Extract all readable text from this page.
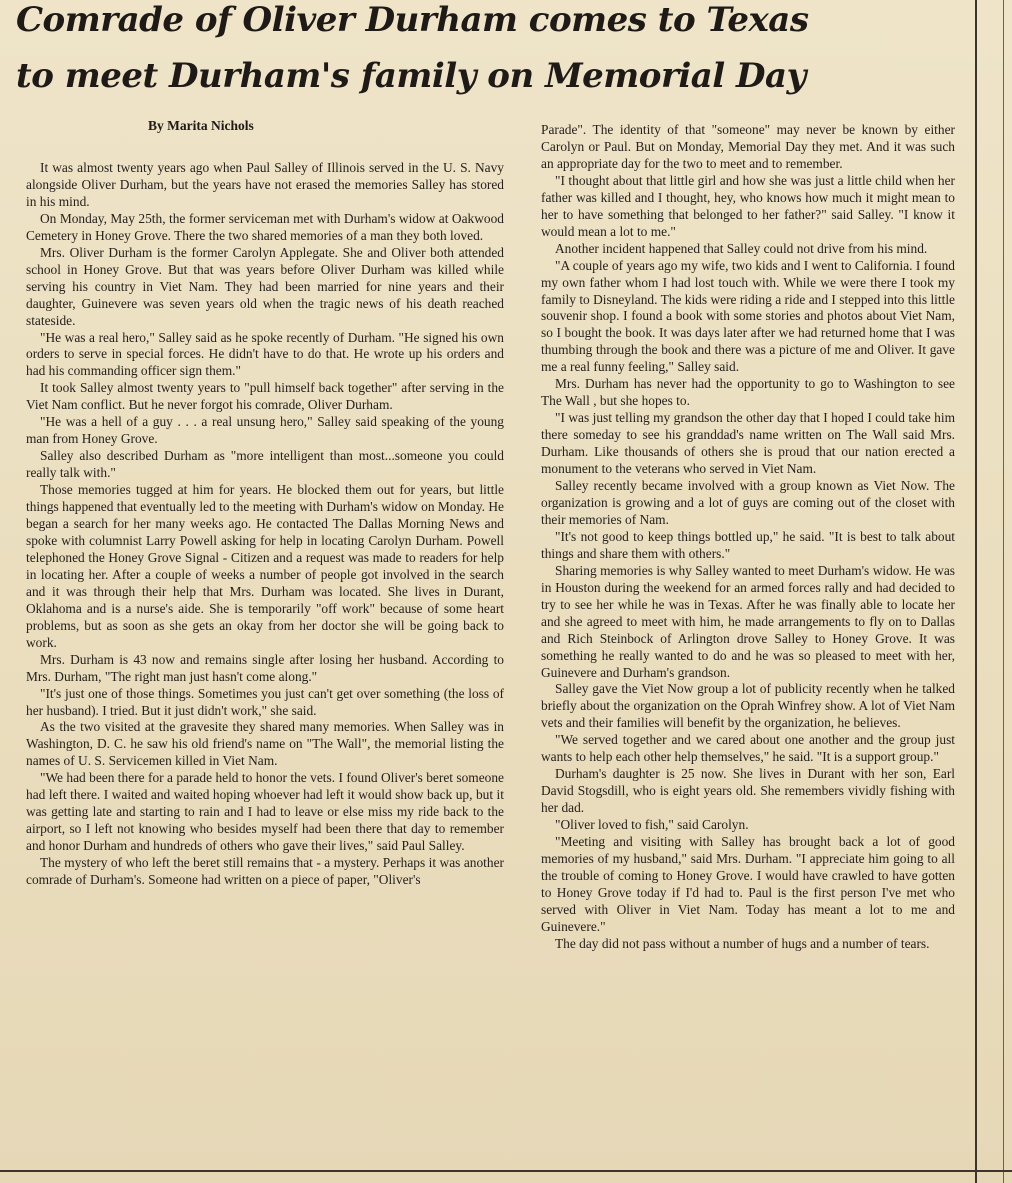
Comrade of Oliver Durham comes to Texas
to meet Durham's family on Memorial Day
By Marita Nichols

It was almost twenty years ago when Paul Salley of Illinois served in the U. S. Navy alongside Oliver Durham, but the years have not erased the memories Salley has stored in his mind.

On Monday, May 25th, the former serviceman met with Durham's widow at Oakwood Cemetery in Honey Grove. There the two shared memories of a man they both loved.

Mrs. Oliver Durham is the former Carolyn Applegate. She and Oliver both attended school in Honey Grove. But that was years before Oliver Durham was killed while serving his country in Viet Nam. They had been married for nine years and their daughter, Guinevere was seven years old when the tragic news of his death reached stateside.

"He was a real hero," Salley said as he spoke recently of Durham. "He signed his own orders to serve in special forces. He didn't have to do that. He wrote up his orders and had his commanding officer sign them."

It took Salley almost twenty years to "pull himself back together" after serving in the Viet Nam conflict. But he never forgot his comrade, Oliver Durham.

"He was a hell of a guy . . . a real unsung hero," Salley said speaking of the young man from Honey Grove.

Salley also described Durham as "more intelligent than most...someone you could really talk with."

Those memories tugged at him for years. He blocked them out for years, but little things happened that eventually led to the meeting with Durham's widow on Monday. He began a search for her many weeks ago. He contacted The Dallas Morning News and spoke with columnist Larry Powell asking for help in locating Carolyn Durham. Powell telephoned the Honey Grove Signal - Citizen and a request was made to readers for help in locating her. After a couple of weeks a number of people got involved in the search and it was through their help that Mrs. Durham was located. She lives in Durant, Oklahoma and is a nurse's aide. She is temporarily "off work" because of some heart problems, but as soon as she gets an okay from her doctor she will be going back to work.

Mrs. Durham is 43 now and remains single after losing her husband. According to Mrs. Durham, "The right man just hasn't come along."

"It's just one of those things. Sometimes you just can't get over something (the loss of her husband). I tried. But it just didn't work," she said.

As the two visited at the gravesite they shared many memories. When Salley was in Washington, D. C. he saw his old friend's name on "The Wall", the memorial listing the names of U. S. Servicemen killed in Viet Nam.

"We had been there for a parade held to honor the vets. I found Oliver's beret someone had left there. I waited and waited hoping whoever had left it would show back up, but it was getting late and starting to rain and I had to leave or else miss my ride back to the airport, so I left not knowing who besides myself had been there that day to remember and honor Durham and hundreds of others who gave their lives," said Paul Salley.

The mystery of who left the beret still remains that - a mystery. Perhaps it was another comrade of Durham's. Someone had written on a piece of paper, "Oliver's

Parade". The identity of that "someone" may never be known by either Carolyn or Paul. But on Monday, Memorial Day they met. And it was such an appropriate day for the two to meet and to remember.

"I thought about that little girl and how she was just a little child when her father was killed and I thought, hey, who knows how much it might mean to her to have something that belonged to her father?" said Salley. "I know it would mean a lot to me."

Another incident happened that Salley could not drive from his mind.

"A couple of years ago my wife, two kids and I went to California. I found my own father whom I had lost touch with. While we were there I took my family to Disneyland. The kids were riding a ride and I stepped into this little souvenir shop. I found a book with some stories and photos about Viet Nam, so I bought the book. It was days later after we had returned home that I was thumbing through the book and there was a picture of me and Oliver. It gave me a real funny feeling," Salley said.

Mrs. Durham has never had the opportunity to go to Washington to see The Wall , but she hopes to.

"I was just telling my grandson the other day that I hoped I could take him there someday to see his granddad's name written on The Wall said Mrs. Durham. Like thousands of others she is proud that our nation erected a monument to the veterans who served in Viet Nam.

Salley recently became involved with a group known as Viet Now. The organization is growing and a lot of guys are coming out of the closet with their memories of Nam.

"It's not good to keep things bottled up," he said. "It is best to talk about things and share them with others."

Sharing memories is why Salley wanted to meet Durham's widow. He was in Houston during the weekend for an armed forces rally and had decided to try to see her while he was in Texas. After he was finally able to locate her and she agreed to meet with him, he made arrangements to fly on to Dallas and Rich Steinbock of Arlington drove Salley to Honey Grove. It was something he really wanted to do and he was so pleased to meet with her, Guinevere and Durham's grandson.

Salley gave the Viet Now group a lot of publicity recently when he talked briefly about the organization on the Oprah Winfrey show. A lot of Viet Nam vets and their families will benefit by the organization, he believes.

"We served together and we cared about one another and the group just wants to help each other help themselves," he said. "It is a support group."

Durham's daughter is 25 now. She lives in Durant with her son, Earl David Stogsdill, who is eight years old. She remembers vividly fishing with her dad.

"Oliver loved to fish," said Carolyn.

"Meeting and visiting with Salley has brought back a lot of good memories of my husband," said Mrs. Durham. "I appreciate him going to all the trouble of coming to Honey Grove. I would have crawled to have gotten to Honey Grove today if I'd had to. Paul is the first person I've met who served with Oliver in Viet Nam. Today has meant a lot to me and Guinevere."

The day did not pass without a number of hugs and a number of tears.
